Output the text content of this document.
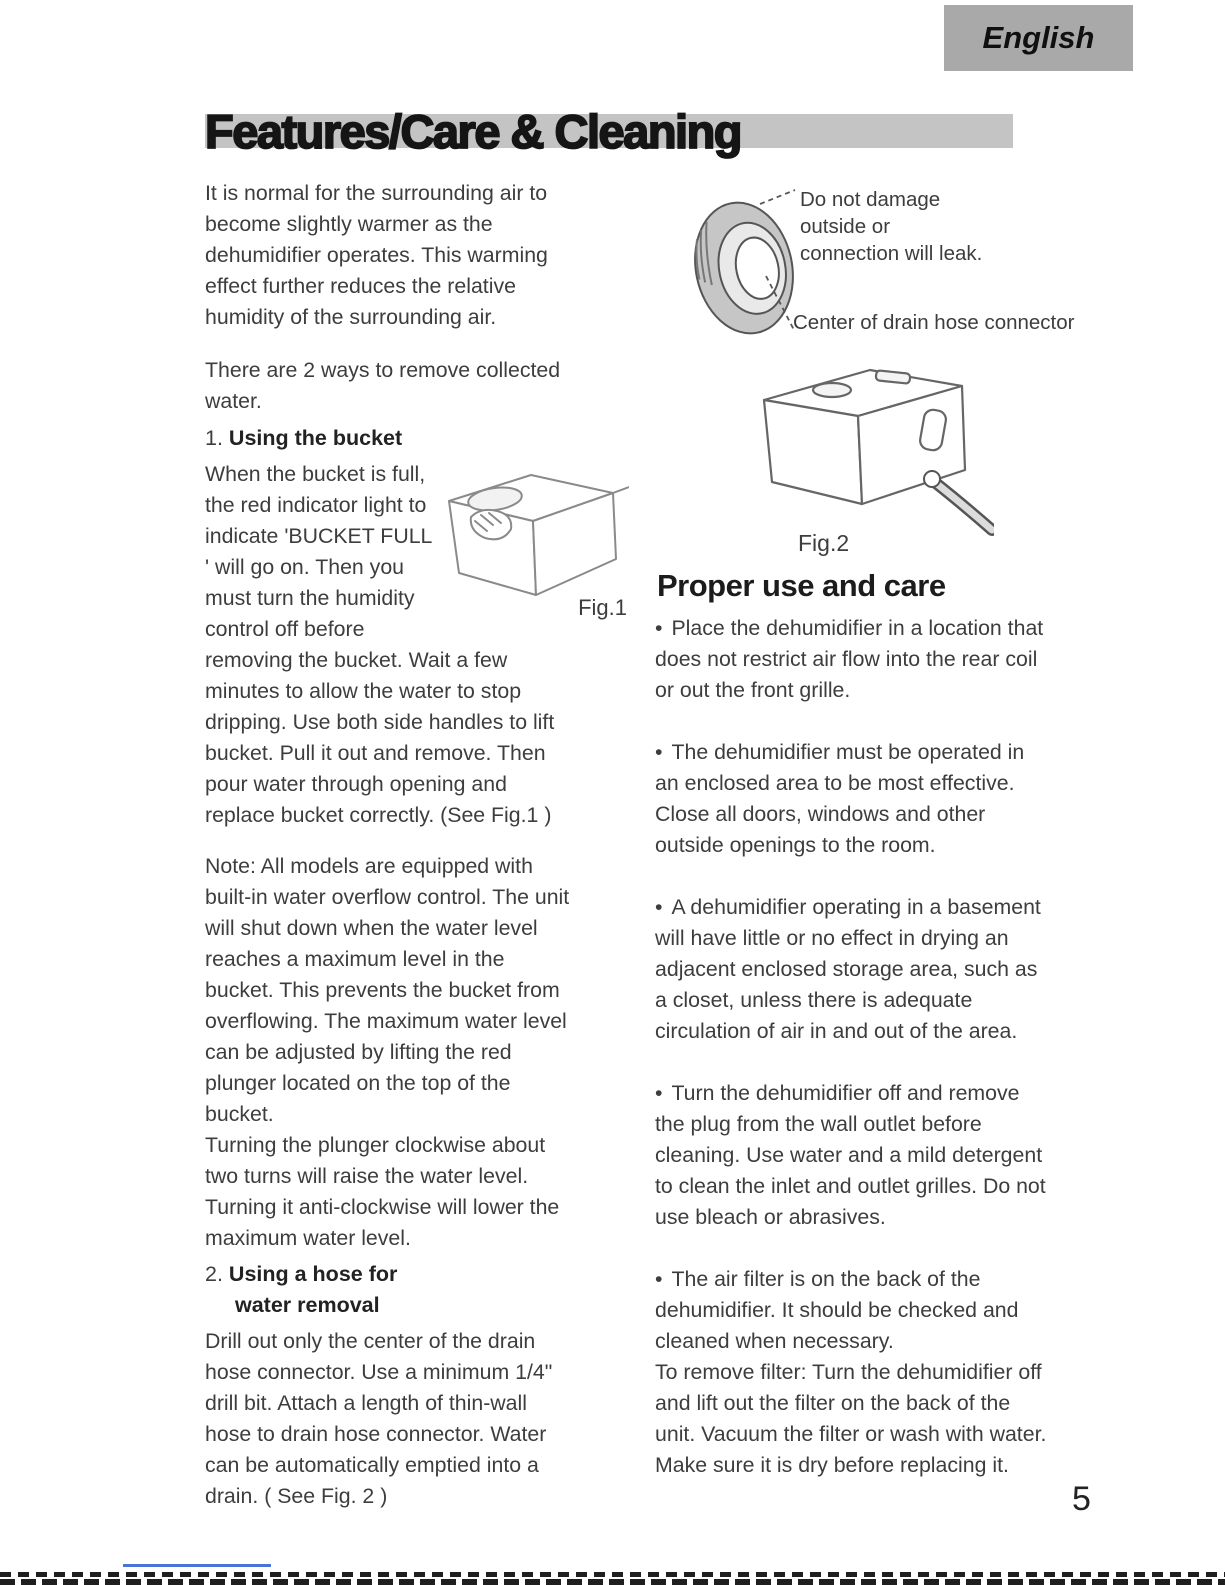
English
Features/Care & Cleaning

It is normal for the surrounding air to become slightly warmer as the dehumidifier operates. This warming effect further reduces the relative humidity of the surrounding air.

There are 2 ways to remove collected water.

1. Using the bucket
Fig.1
When the bucket is full, the red indicator light to indicate 'BUCKET FULL ' will go on. Then you must turn the humidity control off before removing the bucket. Wait a few minutes to allow the water to stop dripping. Use both side handles to lift bucket. Pull it out and remove. Then pour water through opening and replace bucket correctly. (See Fig.1 )

Note: All models are equipped with built-in water overflow control. The unit will shut down when the water level reaches a maximum level in the bucket. This prevents the bucket from overflowing. The maximum water level can be adjusted by lifting the red plunger located on the top of the bucket.

Turning the plunger clockwise about two turns will raise the water level. Turning it anti-clockwise will lower the maximum water level.

2. Using a hose for
water removal

Drill out only the center of the drain hose connector. Use a minimum 1/4" drill bit. Attach a length of thin-wall hose to drain hose connector. Water can be automatically emptied into a drain. ( See Fig. 2 )

Do not damage outside or connection will leak.
Center of drain hose connector
Fig.2
Proper use and care

• Place the dehumidifier in a location that does not restrict air flow into the rear coil or out the front grille.

• The dehumidifier must be operated in an enclosed area to be most effective. Close all doors, windows and other outside openings to the room.

• A dehumidifier operating in a basement will have little or no effect in drying an adjacent enclosed storage area, such as a closet, unless there is adequate circulation of air in and out of the area.

• Turn the dehumidifier off and remove the plug from the wall outlet before cleaning. Use water and a mild detergent to clean the inlet and outlet grilles. Do not use bleach or abrasives.

• The air filter is on the back of the dehumidifier. It should be checked and cleaned when necessary.
To remove filter: Turn the dehumidifier off and lift out the filter on the back of the unit. Vacuum the filter or wash with water. Make sure it is dry before replacing it.

5
